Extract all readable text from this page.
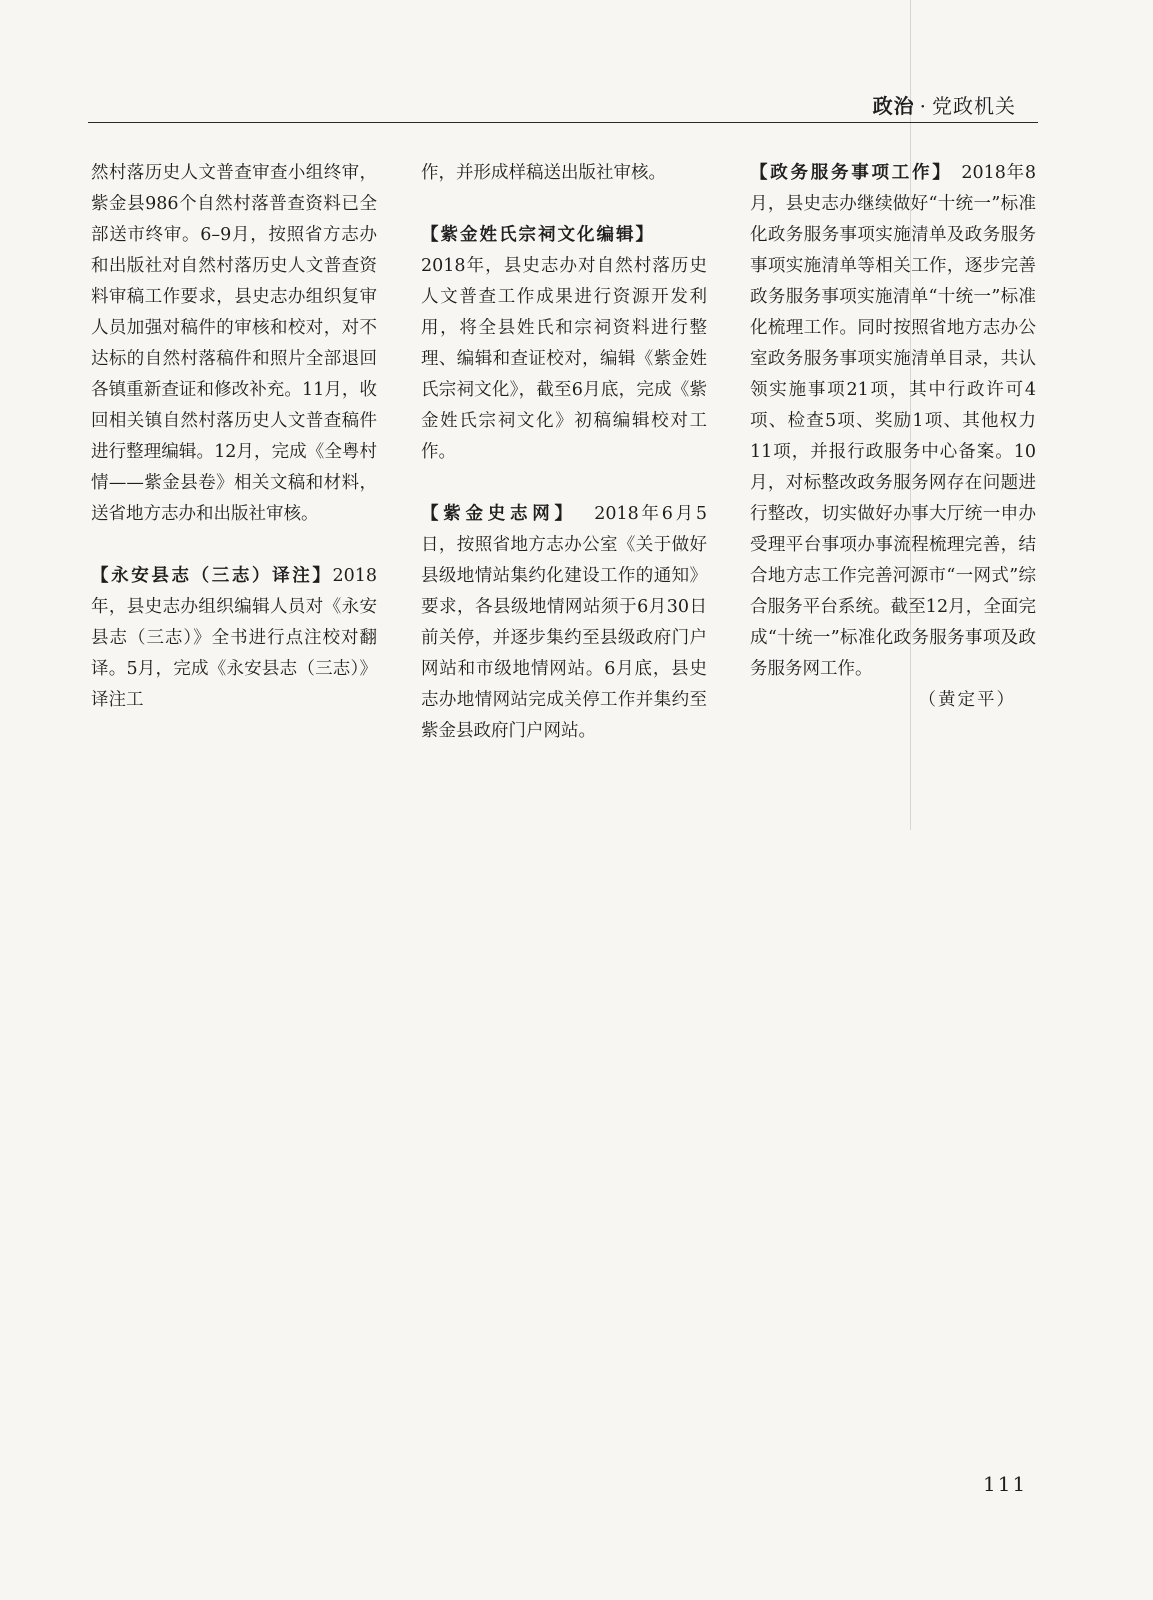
政治 · 党政机关

然村落历史人文普查审查小组终审，紫金县986个自然村落普查资料已全部送市终审。6–9月，按照省方志办和出版社对自然村落历史人文普查资料审稿工作要求，县史志办组织复审人员加强对稿件的审核和校对，对不达标的自然村落稿件和照片全部退回各镇重新查证和修改补充。11月，收回相关镇自然村落历史人文普查稿件进行整理编辑。12月，完成《全粤村情——紫金县卷》相关文稿和材料，送省地方志办和出版社审核。

【永安县志（三志）译注】2018年，县史志办组织编辑人员对《永安县志（三志）》全书进行点注校对翻译。5月，完成《永安县志（三志）》译注工

作，并形成样稿送出版社审核。

【紫金姓氏宗祠文化编辑】
2018年，县史志办对自然村落历史人文普查工作成果进行资源开发利用，将全县姓氏和宗祠资料进行整理、编辑和查证校对，编辑《紫金姓氏宗祠文化》，截至6月底，完成《紫金姓氏宗祠文化》初稿编辑校对工作。

【紫金史志网】  2018年6月5日，按照省地方志办公室《关于做好县级地情站集约化建设工作的通知》要求，各县级地情网站须于6月30日前关停，并逐步集约至县级政府门户网站和市级地情网站。6月底，县史志办地情网站完成关停工作并集约至紫金县政府门户网站。

【政务服务事项工作】  2018年8月，县史志办继续做好“十统一”标准化政务服务事项实施清单及政务服务事项实施清单等相关工作，逐步完善政务服务事项实施清单“十统一”标准化梳理工作。同时按照省地方志办公室政务服务事项实施清单目录，共认领实施事项21项，其中行政许可4项、检查5项、奖励1项、其他权力11项，并报行政服务中心备案。10月，对标整改政务服务网存在问题进行整改，切实做好办事大厅统一申办受理平台事项办事流程梳理完善，结合地方志工作完善河源市“一网式”综合服务平台系统。截至12月，全面完成“十统一”标准化政务服务事项及政务服务网工作。

（黄定平）

111
